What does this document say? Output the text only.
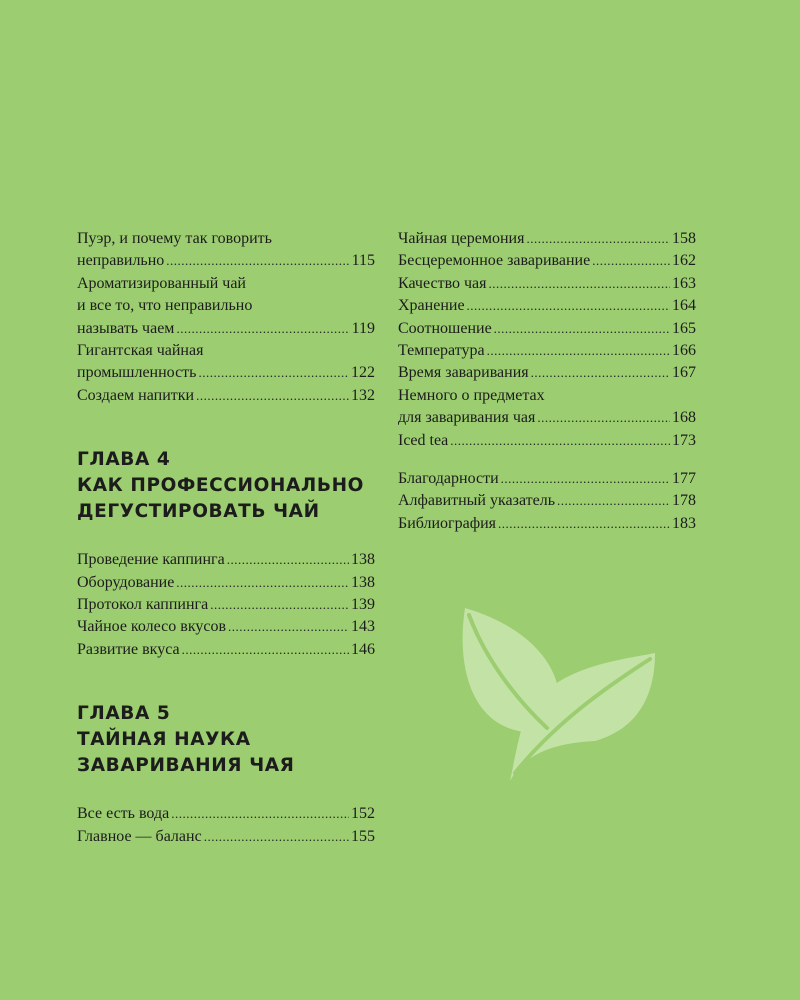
Пуэр, и почему так говорить
неправильно .....	115
Ароматизированный чай
и все то, что неправильно
называть чаем .....	119
Гигантская чайная
промышленность .....	122
Создаем напитки .....	132
ГЛАВА 4
КАК ПРОФЕССИОНАЛЬНО
ДЕГУСТИРОВАТЬ ЧАЙ
Проведение каппинга .....	138
Оборудование .....	138
Протокол каппинга .....	139
Чайное колесо вкусов .....	143
Развитие вкуса .....	146
ГЛАВА 5
ТАЙНАЯ НАУКА
ЗАВАРИВАНИЯ ЧАЯ
Все есть вода .....	152
Главное — баланс .....	155
Чайная церемония .....	158
Бесцеремонное заваривание .....	162
Качество чая .....	163
Хранение .....	164
Соотношение .....	165
Температура .....	166
Время заваривания .....	167
Немного о предметах
для заваривания чая .....	168
Iced tea .....	173
Благодарности .....	177
Алфавитный указатель .....	178
Библиография .....	183
